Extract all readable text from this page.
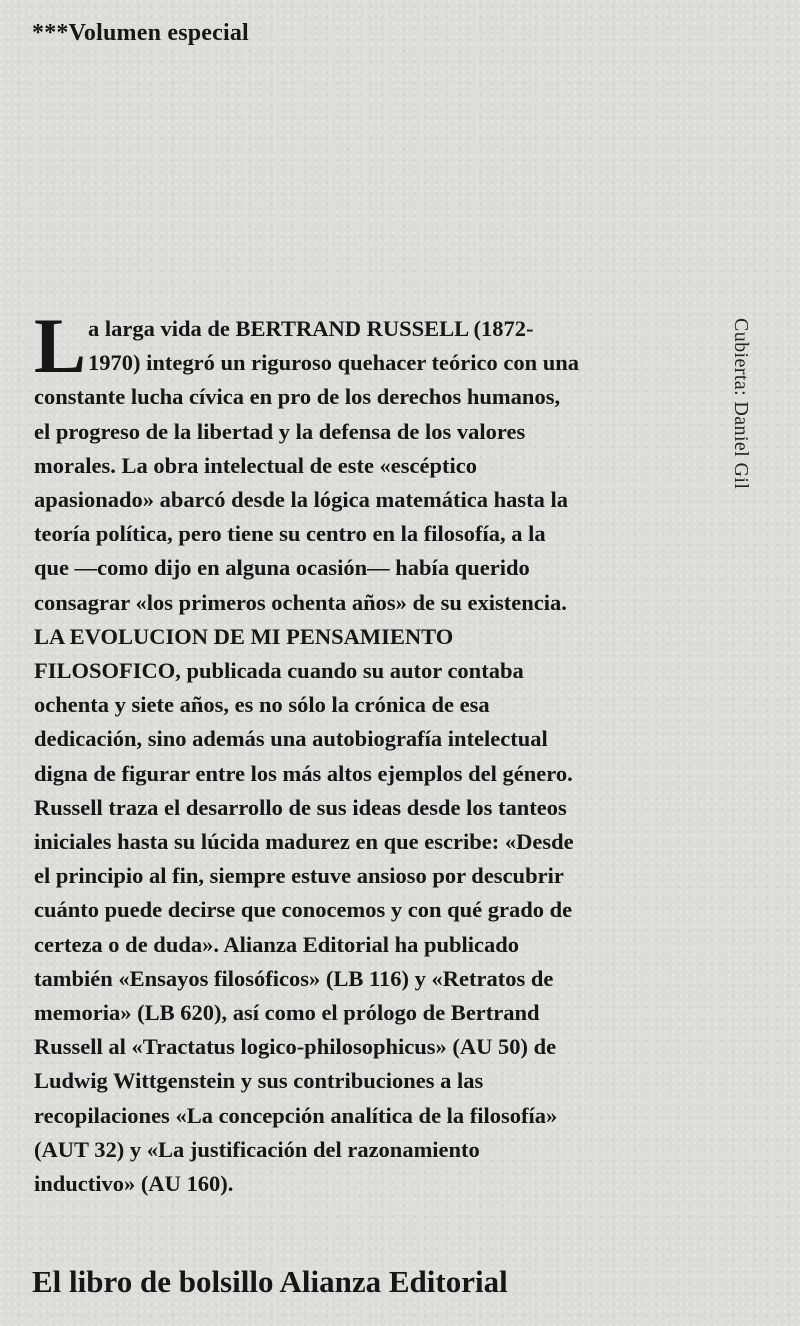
***Volumen especial
L a larga vida de BERTRAND RUSSELL (1872-
1970) integró un riguroso quehacer teórico con una
constante lucha cívica en pro de los derechos humanos,
el progreso de la libertad y la defensa de los valores
morales. La obra intelectual de este «escéptico
apasionado» abarcó desde la lógica matemática hasta la
teoría política, pero tiene su centro en la filosofía, a la
que —como dijo en alguna ocasión— había querido
consagrar «los primeros ochenta años» de su existencia.
LA EVOLUCION DE MI PENSAMIENTO
FILOSOFICO, publicada cuando su autor contaba
ochenta y siete años, es no sólo la crónica de esa
dedicación, sino además una autobiografía intelectual
digna de figurar entre los más altos ejemplos del género.
Russell traza el desarrollo de sus ideas desde los tanteos
iniciales hasta su lúcida madurez en que escribe: «Desde
el principio al fin, siempre estuve ansioso por descubrir
cuánto puede decirse que conocemos y con qué grado de
certeza o de duda». Alianza Editorial ha publicado
también «Ensayos filosóficos» (LB 116) y «Retratos de
memoria» (LB 620), así como el prólogo de Bertrand
Russell al «Tractatus logico-philosophicus» (AU 50) de
Ludwig Wittgenstein y sus contribuciones a las
recopilaciones «La concepción analítica de la filosofía»
(AUT 32) y «La justificación del razonamiento
inductivo» (AU 160).
Cubierta: Daniel Gil
El libro de bolsillo Alianza Editorial
